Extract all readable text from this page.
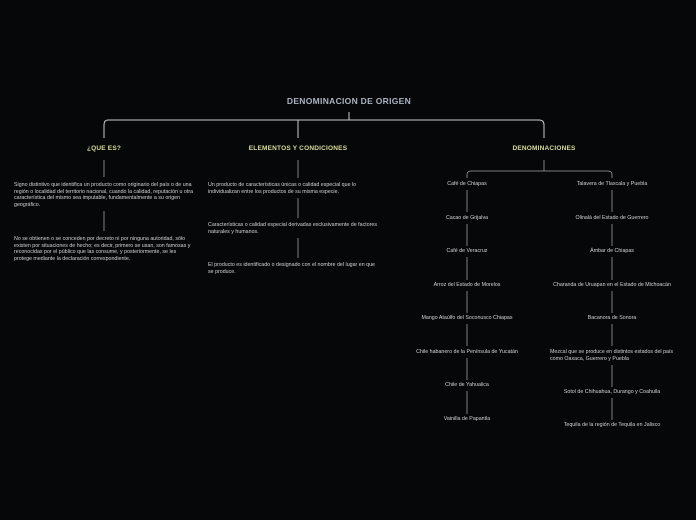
DENOMINACION DE ORIGEN
¿QUE ES?
Signo distintivo que identifica un producto como originario del país o de una región o localidad del territorio nacional, cuando la calidad, reputación u otra característica del mismo sea imputable, fundamentalmente a su origen geográfico.
No se obtienen o se conceden por decreto ni por ninguna autoridad, sólo existen por situaciones de hecho; es decir, primero se usan, son famosas y reconocidas por el público que las consume, y posteriormente, se les protege mediante la declaración correspondiente.
ELEMENTOS Y CONDICIONES
Un producto de características únicas o calidad especial que lo individualizan entre los productos de su misma especie.
Características o calidad especial derivadas exclusivamente de factores naturales y humanos.
El producto es identificado o designado con el nombre del lugar en que se produce.
DENOMINACIONES
Café de Chiapas
Cacao de Grijalva
Café de Veracruz
Arroz del Estado de Morelos
Mango Ataúlfo del Soconusco Chiapas
Chile habanero de la Península de Yucatán
Chile de Yahualica
Vainilla de Papantla
Talavera de Tlaxcala y Puebla
Olinalá del Estado de Guerrero
Ámbar de Chiapas
Charanda de Uruapan en el Estado de Michoacán
Bacanora de Sonora
Mezcal que se produce en distintos estados del país como Oaxaca, Guerrero y Puebla
Sotol de Chihuahua, Durango y Coahuila
Tequila de la región de Tequila en Jalisco
